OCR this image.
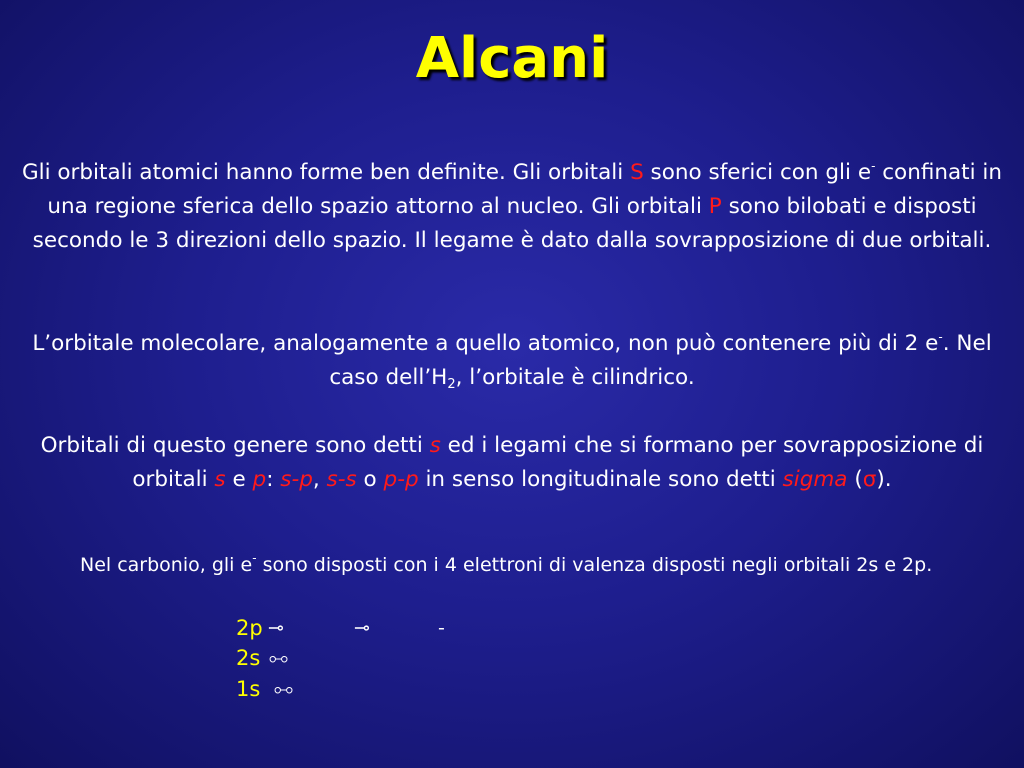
Alcani
Gli orbitali atomici hanno forme ben definite. Gli orbitali S sono sferici con gli e- confinati in una regione sferica dello spazio attorno al nucleo. Gli orbitali P sono bilobati e disposti secondo le 3 direzioni dello spazio. Il legame è dato dalla sovrapposizione di due orbitali.
L’orbitale molecolare, analogamente a quello atomico, non può contenere più di 2 e-. Nel caso $dell’H_2$, l’orbitale è cilindrico.
Orbitali di questo genere sono detti s ed i legami che si formano per sovrapposizione di orbitali s e p: s-p, s-s o p-p in senso longitudinale sono detti sigma (σ).
Nel carbonio, gli e- sono disposti con i 4 elettroni di valenza disposti negli orbitali 2s e 2p.
2p ⊸	⊸	-
2s ⧟
1s ⧟
